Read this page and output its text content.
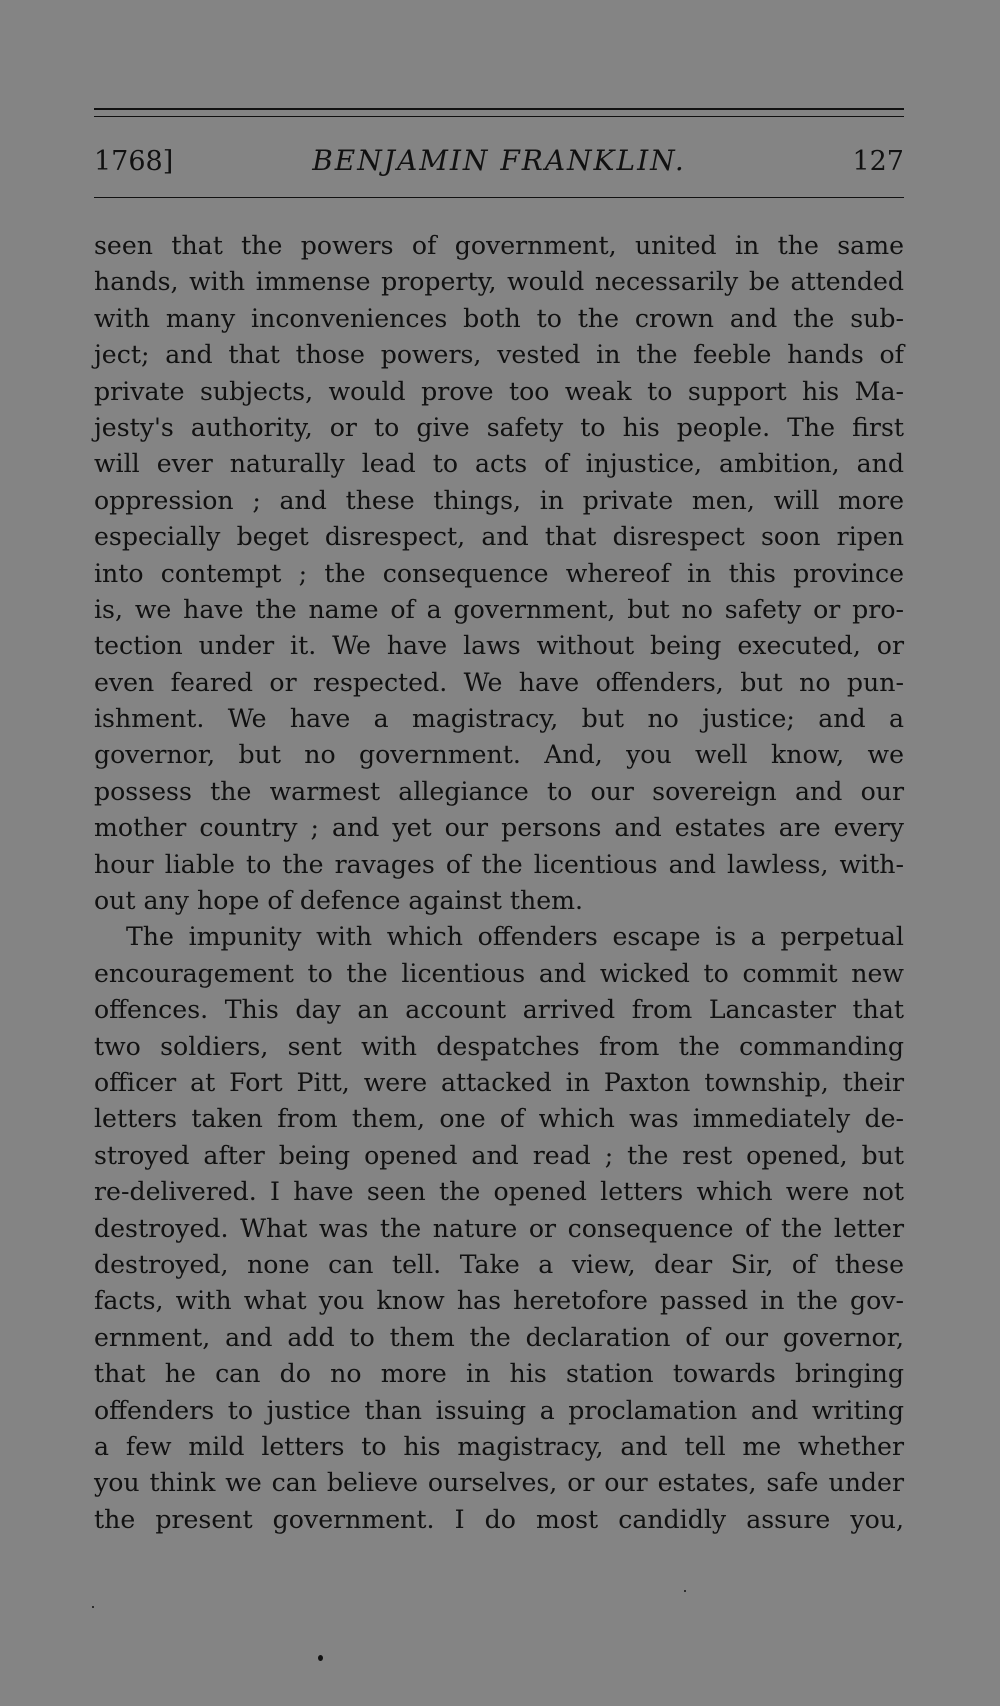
1768]	BENJAMIN FRANKLIN.	127
seen that the powers of government, united in the same
hands, with immense property, would necessarily be attended
with many inconveniences both to the crown and the sub-
ject; and that those powers, vested in the feeble hands of
private subjects, would prove too weak to support his Ma-
jesty's authority, or to give safety to his people. The first
will ever naturally lead to acts of injustice, ambition, and
oppression ; and these things, in private men, will more
especially beget disrespect, and that disrespect soon ripen
into contempt ; the consequence whereof in this province
is, we have the name of a government, but no safety or pro-
tection under it. We have laws without being executed, or
even feared or respected. We have offenders, but no pun-
ishment. We have a magistracy, but no justice; and a
governor, but no government. And, you well know, we
possess the warmest allegiance to our sovereign and our
mother country ; and yet our persons and estates are every
hour liable to the ravages of the licentious and lawless, with-
out any hope of defence against them.
The impunity with which offenders escape is a perpetual
encouragement to the licentious and wicked to commit new
offences. This day an account arrived from Lancaster that
two soldiers, sent with despatches from the commanding
officer at Fort Pitt, were attacked in Paxton township, their
letters taken from them, one of which was immediately de-
stroyed after being opened and read ; the rest opened, but
re-delivered. I have seen the opened letters which were not
destroyed. What was the nature or consequence of the letter
destroyed, none can tell. Take a view, dear Sir, of these
facts, with what you know has heretofore passed in the gov-
ernment, and add to them the declaration of our governor,
that he can do no more in his station towards bringing
offenders to justice than issuing a proclamation and writing
a few mild letters to his magistracy, and tell me whether
you think we can believe ourselves, or our estates, safe under
the present government. I do most candidly assure you,
